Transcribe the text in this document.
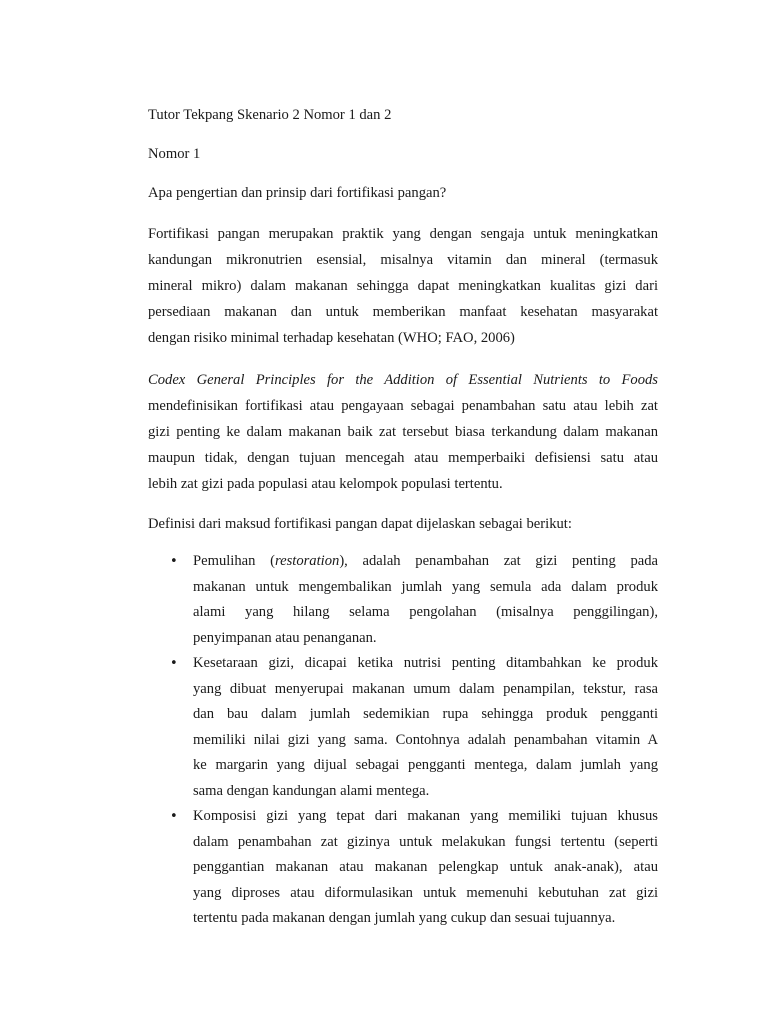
Tutor Tekpang Skenario 2 Nomor 1 dan 2

Nomor 1

Apa pengertian dan prinsip dari fortifikasi pangan?

Fortifikasi pangan merupakan praktik yang dengan sengaja untuk meningkatkan
kandungan mikronutrien esensial, misalnya vitamin dan mineral (termasuk
mineral mikro) dalam makanan sehingga dapat meningkatkan kualitas gizi dari
persediaan makanan dan untuk memberikan manfaat kesehatan masyarakat
dengan risiko minimal terhadap kesehatan (WHO; FAO, 2006)
Codex General Principles for the Addition of Essential Nutrients to Foods
mendefinisikan fortifikasi atau pengayaan sebagai penambahan satu atau lebih zat
gizi penting ke dalam makanan baik zat tersebut biasa terkandung dalam makanan
maupun tidak, dengan tujuan mencegah atau memperbaiki defisiensi satu atau
lebih zat gizi pada populasi atau kelompok populasi tertentu.

Definisi dari maksud fortifikasi pangan dapat dijelaskan sebagai berikut:

• Pemulihan (restoration), adalah penambahan zat gizi penting pada
makanan untuk mengembalikan jumlah yang semula ada dalam produk
alami yang hilang selama pengolahan (misalnya penggilingan),
penyimpanan atau penanganan.
• Kesetaraan gizi, dicapai ketika nutrisi penting ditambahkan ke produk
yang dibuat menyerupai makanan umum dalam penampilan, tekstur, rasa
dan bau dalam jumlah sedemikian rupa sehingga produk pengganti
memiliki nilai gizi yang sama. Contohnya adalah penambahan vitamin A
ke margarin yang dijual sebagai pengganti mentega, dalam jumlah yang
sama dengan kandungan alami mentega.
• Komposisi gizi yang tepat dari makanan yang memiliki tujuan khusus
dalam penambahan zat gizinya untuk melakukan fungsi tertentu (seperti
penggantian makanan atau makanan pelengkap untuk anak-anak), atau
yang diproses atau diformulasikan untuk memenuhi kebutuhan zat gizi
tertentu pada makanan dengan jumlah yang cukup dan sesuai tujuannya.
